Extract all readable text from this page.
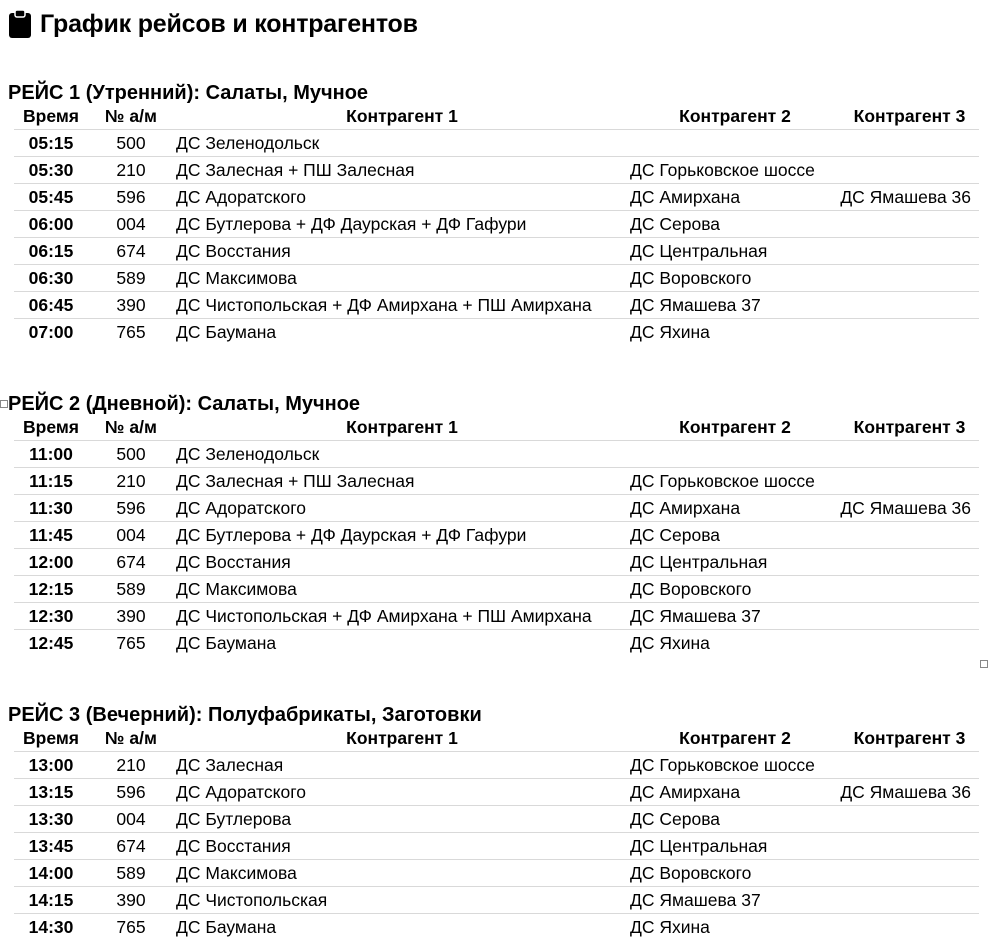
График рейсов и контрагентов
РЕЙС 1 (Утренний): Салаты, Мучное
Время	№ а/м	Контрагент 1	Контрагент 2	Контрагент 3
05:15	500	ДС Зеленодольск		
05:30	210	ДС Залесная + ПШ Залесная	ДС Горьковское шоссе	
05:45	596	ДС Адоратского	ДС Амирхана	ДС Ямашева 36
06:00	004	ДС Бутлерова + ДФ Даурская + ДФ Гафури	ДС Серова	
06:15	674	ДС Восстания	ДС Центральная	
06:30	589	ДС Максимова	ДС Воровского	
06:45	390	ДС Чистопольская + ДФ Амирхана + ПШ Амирхана	ДС Ямашева 37	
07:00	765	ДС Баумана	ДС Яхина	
РЕЙС 2 (Дневной): Салаты, Мучное
Время	№ а/м	Контрагент 1	Контрагент 2	Контрагент 3
11:00	500	ДС Зеленодольск		
11:15	210	ДС Залесная + ПШ Залесная	ДС Горьковское шоссе	
11:30	596	ДС Адоратского	ДС Амирхана	ДС Ямашева 36
11:45	004	ДС Бутлерова + ДФ Даурская + ДФ Гафури	ДС Серова	
12:00	674	ДС Восстания	ДС Центральная	
12:15	589	ДС Максимова	ДС Воровского	
12:30	390	ДС Чистопольская + ДФ Амирхана + ПШ Амирхана	ДС Ямашева 37	
12:45	765	ДС Баумана	ДС Яхина	
РЕЙС 3 (Вечерний): Полуфабрикаты, Заготовки
Время	№ а/м	Контрагент 1	Контрагент 2	Контрагент 3
13:00	210	ДС Залесная	ДС Горьковское шоссе	
13:15	596	ДС Адоратского	ДС Амирхана	ДС Ямашева 36
13:30	004	ДС Бутлерова	ДС Серова	
13:45	674	ДС Восстания	ДС Центральная	
14:00	589	ДС Максимова	ДС Воровского	
14:15	390	ДС Чистопольская	ДС Ямашева 37	
14:30	765	ДС Баумана	ДС Яхина	
